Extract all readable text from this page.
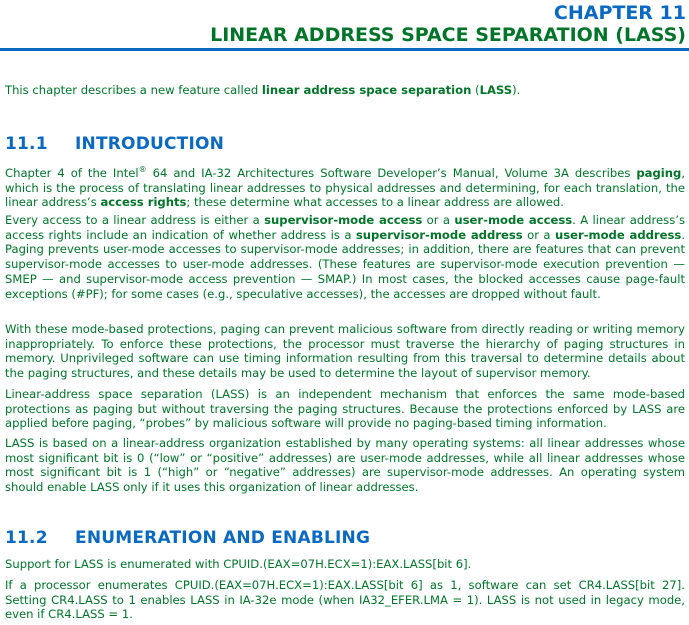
CHAPTER 11
LINEAR ADDRESS SPACE SEPARATION (LASS)
This chapter describes a new feature called linear address space separation (LASS).
11.1 INTRODUCTION
Chapter 4 of the Intel® 64 and IA-32 Architectures Software Developer’s Manual, Volume 3A describes paging, which is the process of translating linear addresses to physical addresses and determining, for each translation, the linear address’s access rights; these determine what accesses to a linear address are allowed.
Every access to a linear address is either a supervisor-mode access or a user-mode access. A linear address’s access rights include an indication of whether address is a supervisor-mode address or a user-mode address. Paging prevents user-mode accesses to supervisor-mode addresses; in addition, there are features that can prevent supervisor-mode accesses to user-mode addresses. (These features are supervisor-mode execution prevention — SMEP — and supervisor-mode access prevention — SMAP.) In most cases, the blocked accesses cause page-fault exceptions (#PF); for some cases (e.g., speculative accesses), the accesses are dropped without fault.
With these mode-based protections, paging can prevent malicious software from directly reading or writing memory inappropriately. To enforce these protections, the processor must traverse the hierarchy of paging structures in memory. Unprivileged software can use timing information resulting from this traversal to determine details about the paging structures, and these details may be used to determine the layout of supervisor memory.
Linear-address space separation (LASS) is an independent mechanism that enforces the same mode-based protections as paging but without traversing the paging structures. Because the protections enforced by LASS are applied before paging, “probes” by malicious software will provide no paging-based timing information.
LASS is based on a linear-address organization established by many operating systems: all linear addresses whose most significant bit is 0 (“low” or “positive” addresses) are user-mode addresses, while all linear addresses whose most significant bit is 1 (“high” or “negative” addresses) are supervisor-mode addresses. An operating system should enable LASS only if it uses this organization of linear addresses.
11.2 ENUMERATION AND ENABLING
Support for LASS is enumerated with CPUID.(EAX=07H.ECX=1):EAX.LASS[bit 6].
If a processor enumerates CPUID.(EAX=07H.ECX=1):EAX.LASS[bit 6] as 1, software can set CR4.LASS[bit 27]. Setting CR4.LASS to 1 enables LASS in IA-32e mode (when IA32_EFER.LMA = 1). LASS is not used in legacy mode, even if CR4.LASS = 1.
